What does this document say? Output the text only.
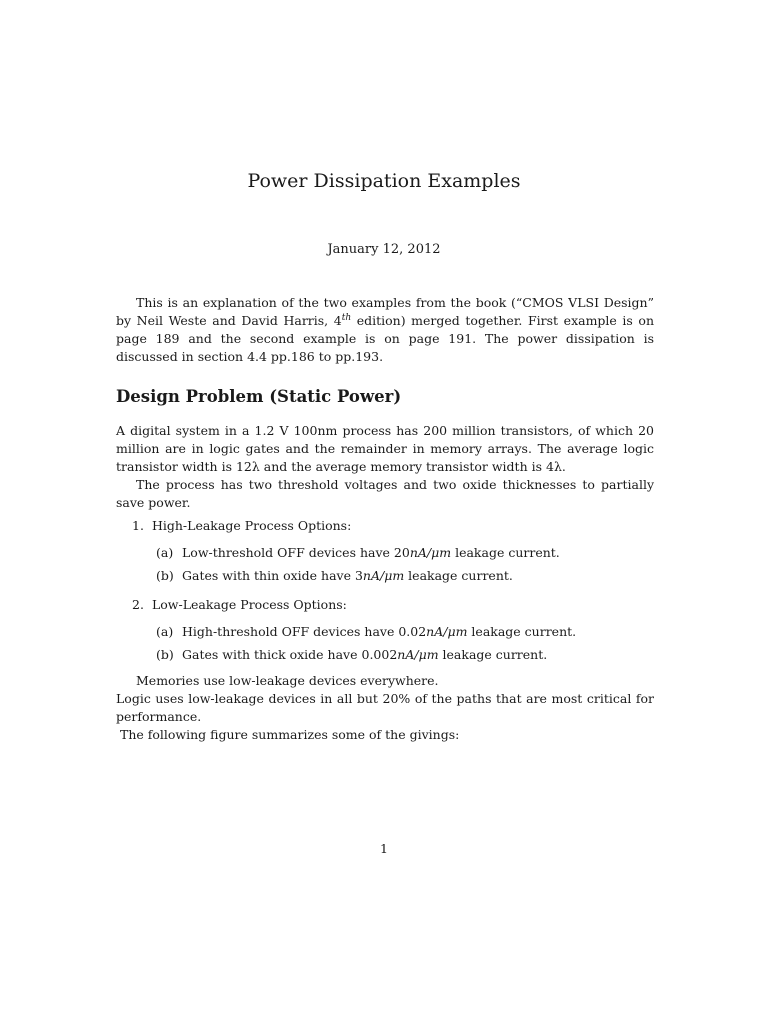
Power Dissipation Examples
January 12, 2012

This is an explanation of the two examples from the book (“CMOS VLSI Design” by Neil Weste and David Harris, 4th edition) merged together. First example is on page 189 and the second example is on page 191. The power dissipation is discussed in section 4.4 pp.186 to pp.193.

Design Problem (Static Power)

A digital system in a 1.2 V 100nm process has 200 million transistors, of which 20 million are in logic gates and the remainder in memory arrays. The average logic transistor width is 12λ and the average memory transistor width is 4λ.

The process has two threshold voltages and two oxide thicknesses to partially save power.

1. High-Leakage Process Options:
(a) Low-threshold OFF devices have 20nA/μm leakage current.
(b) Gates with thin oxide have 3nA/μm leakage current.
2. Low-Leakage Process Options:
(a) High-threshold OFF devices have 0.02nA/μm leakage current.
(b) Gates with thick oxide have 0.002nA/μm leakage current.

Memories use low-leakage devices everywhere.

Logic uses low-leakage devices in all but 20% of the paths that are most critical for performance.

The following figure summarizes some of the givings:

1
